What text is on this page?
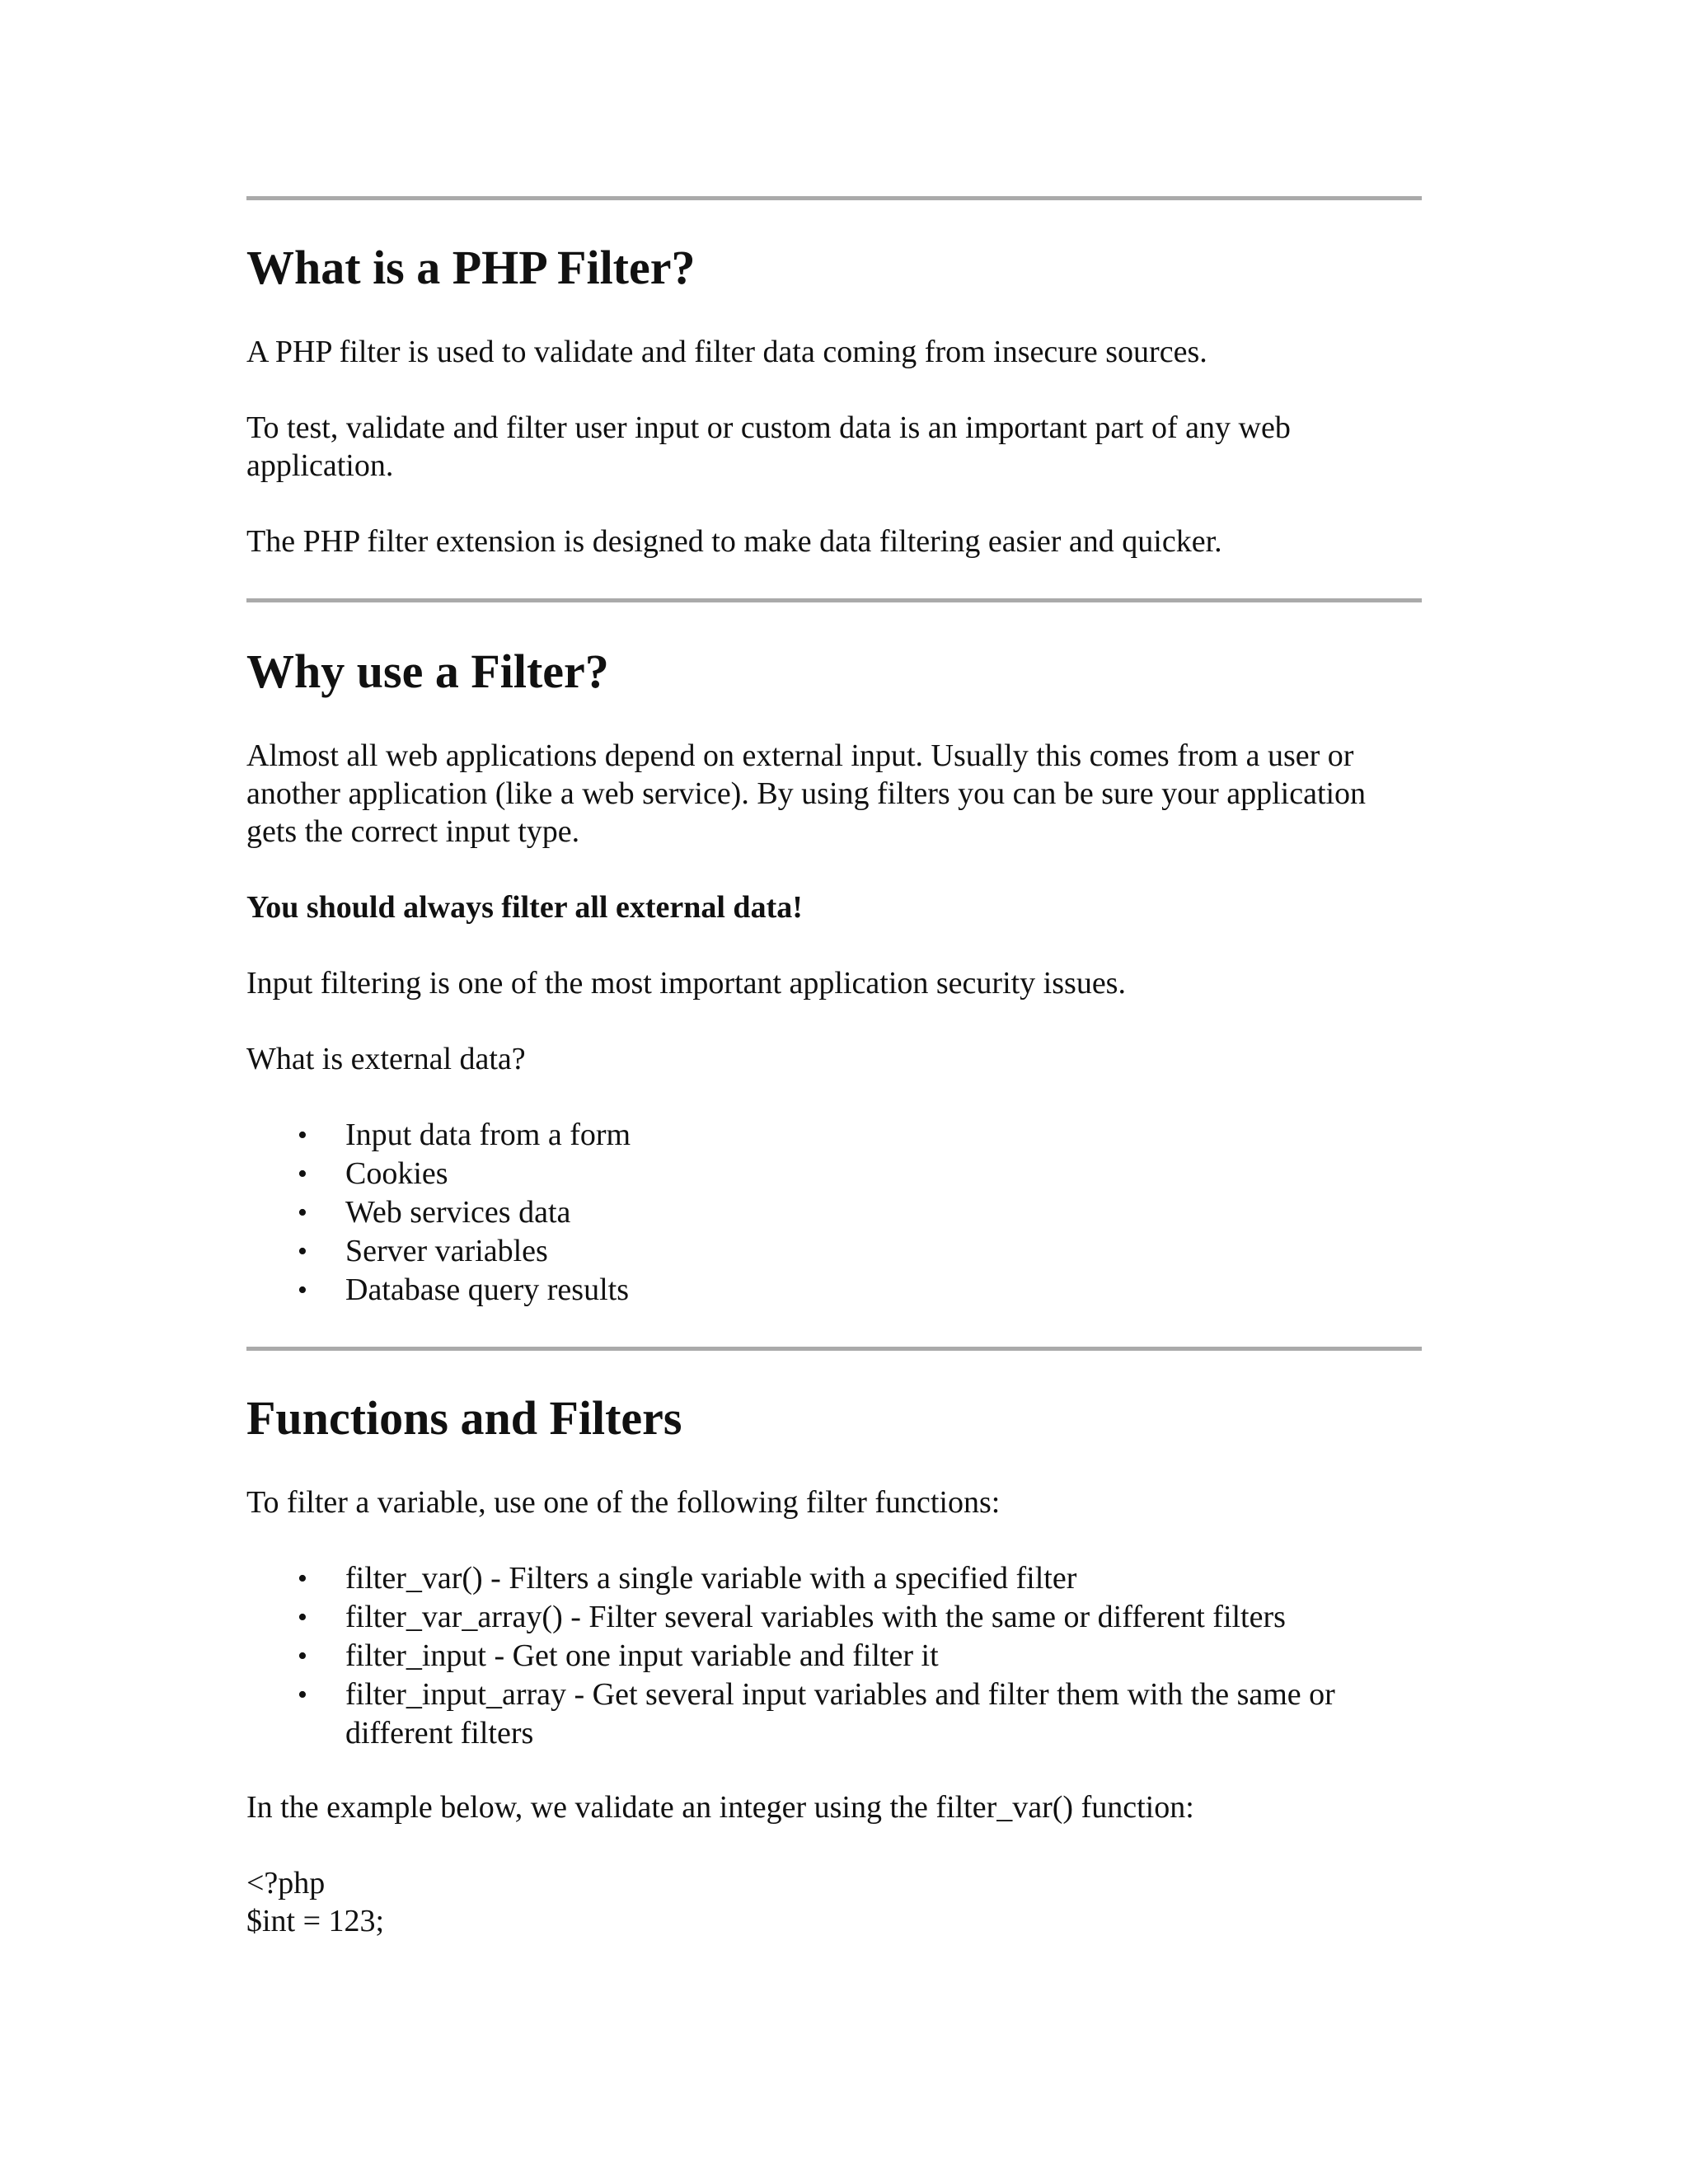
What is a PHP Filter?

A PHP filter is used to validate and filter data coming from insecure sources.

To test, validate and filter user input or custom data is an important part of any web application.

The PHP filter extension is designed to make data filtering easier and quicker.

Why use a Filter?

Almost all web applications depend on external input. Usually this comes from a user or another application (like a web service). By using filters you can be sure your application gets the correct input type.

You should always filter all external data!

Input filtering is one of the most important application security issues.

What is external data?

• Input data from a form
• Cookies
• Web services data
• Server variables
• Database query results
Functions and Filters

To filter a variable, use one of the following filter functions:

• filter_var() - Filters a single variable with a specified filter
• filter_var_array() - Filter several variables with the same or different filters
• filter_input - Get one input variable and filter it
• filter_input_array - Get several input variables and filter them with the same or different filters

In the example below, we validate an integer using the filter_var() function:

<?php
$int = 123;
